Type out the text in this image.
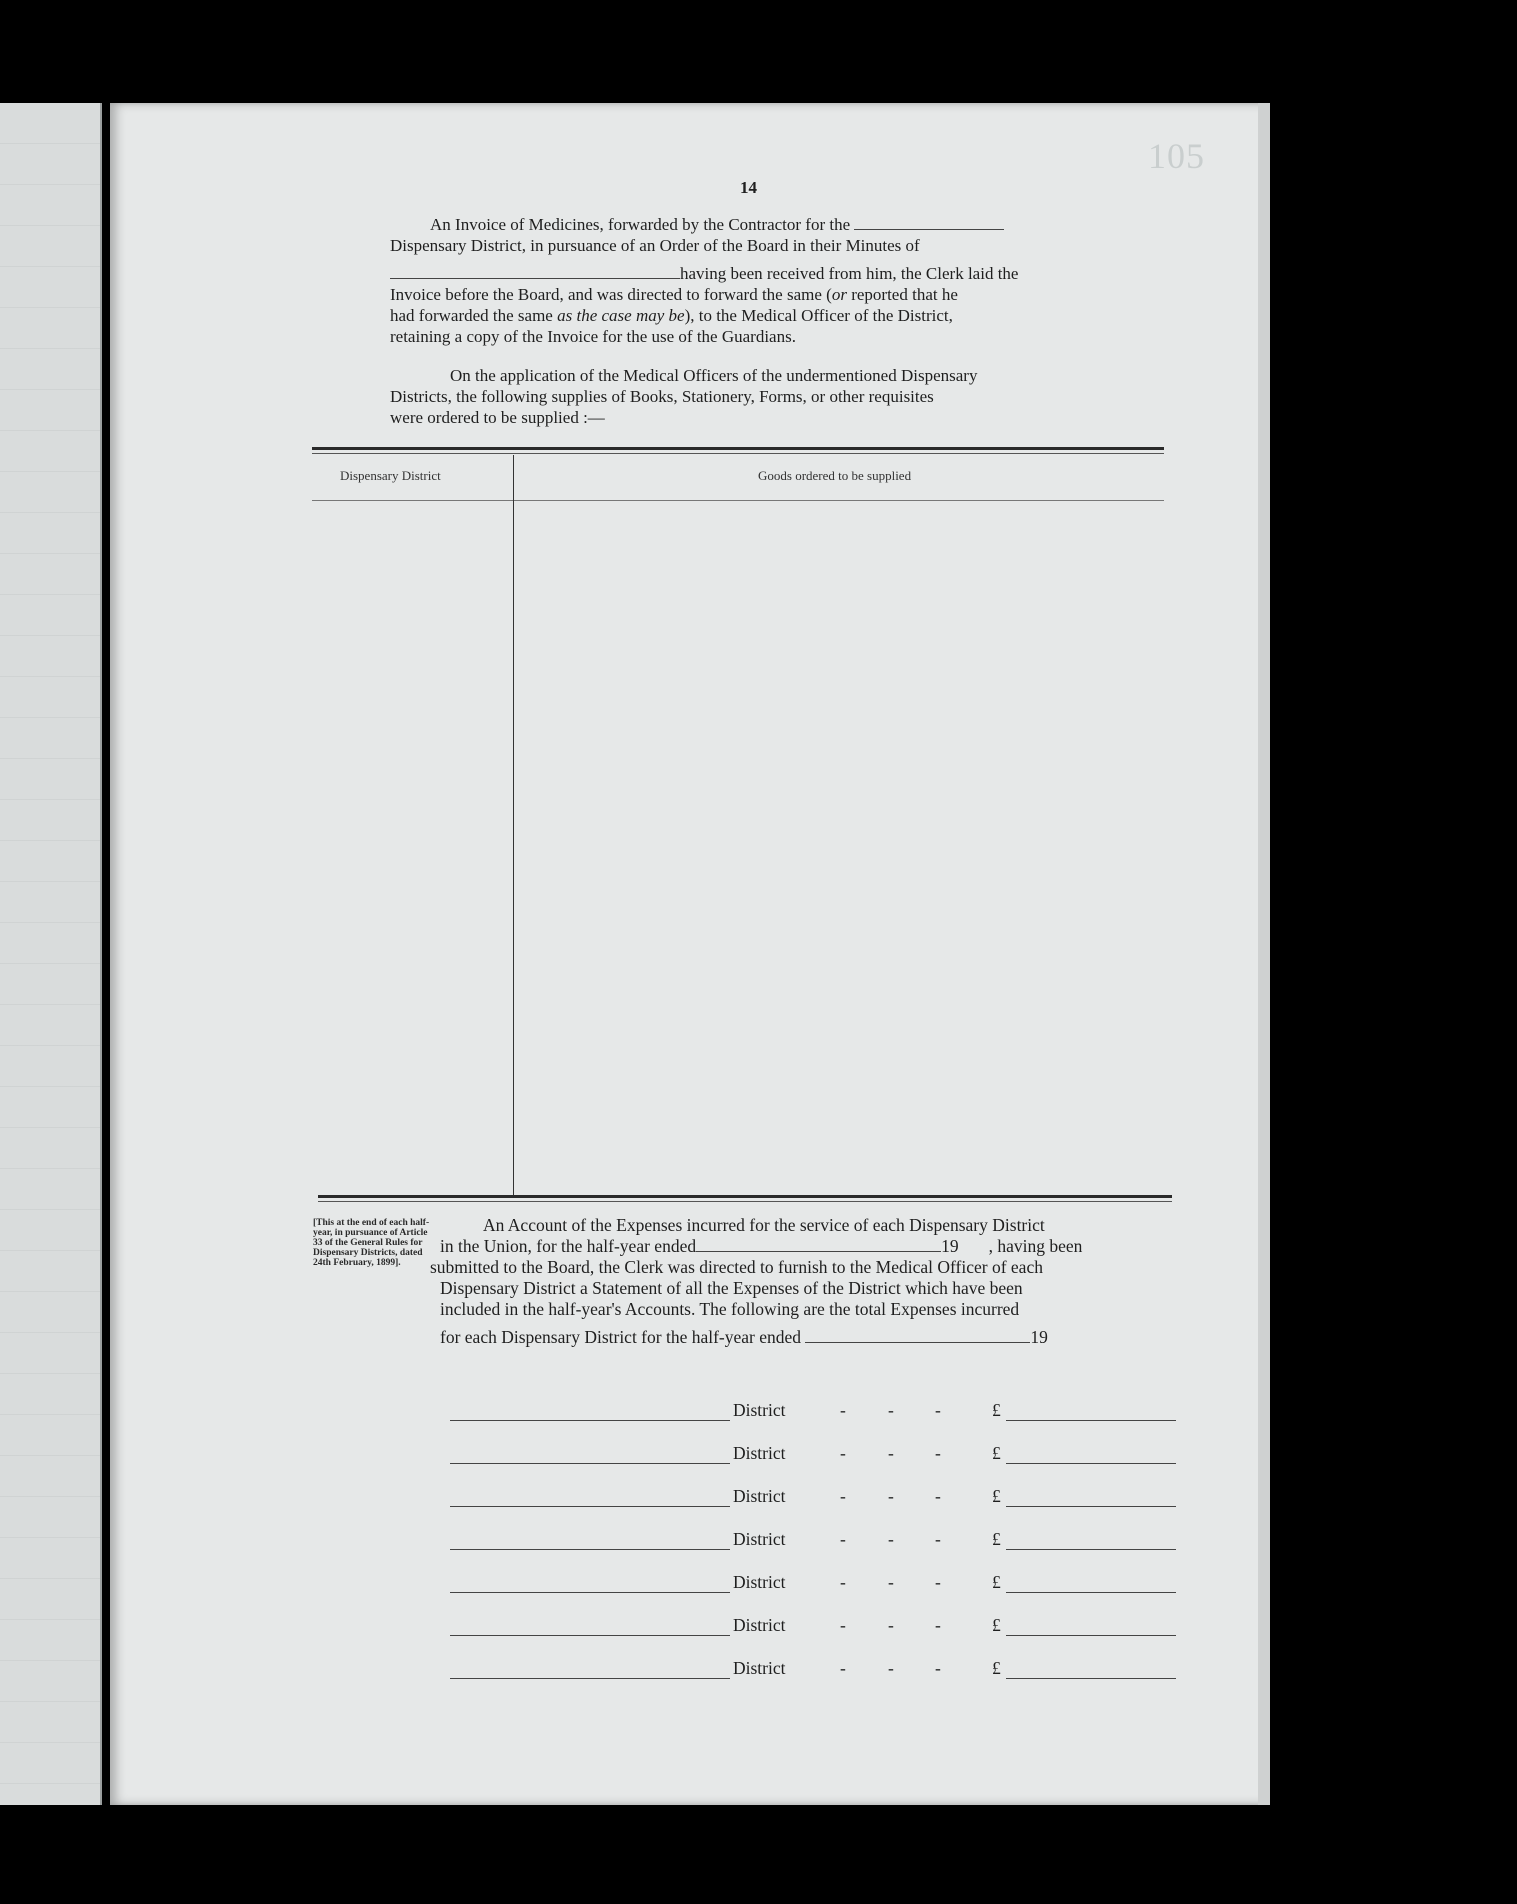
105
14
An Invoice of Medicines, forwarded by the Contractor for the
Dispensary District, in pursuance of an Order of the Board in their Minutes of
having been received from him, the Clerk laid the
Invoice before the Board, and was directed to forward the same (or reported that he
had forwarded the same as the case may be), to the Medical Officer of the District,
retaining a copy of the Invoice for the use of the Guardians.
On the application of the Medical Officers of the undermentioned Dispensary
Districts, the following supplies of Books, Stationery, Forms, or other requisites
were ordered to be supplied :—
Dispensary District	Goods ordered to be supplied
[This at the end of each half-year, in pursuance of Article 33 of the General Rules for Dispensary Districts, dated 24th February, 1899].
An Account of the Expenses incurred for the service of each Dispensary District
in the Union, for the half-year ended	19 , having been
submitted to the Board, the Clerk was directed to furnish to the Medical Officer of each
Dispensary District a Statement of all the Expenses of the District which have been
included in the half-year's Accounts. The following are the total Expenses incurred
for each Dispensary District for the half-year ended	19
District	- - -	£
District	- - -	£
District	- - -	£
District	- - -	£
District	- - -	£
District	- - -	£
District	- - -	£
